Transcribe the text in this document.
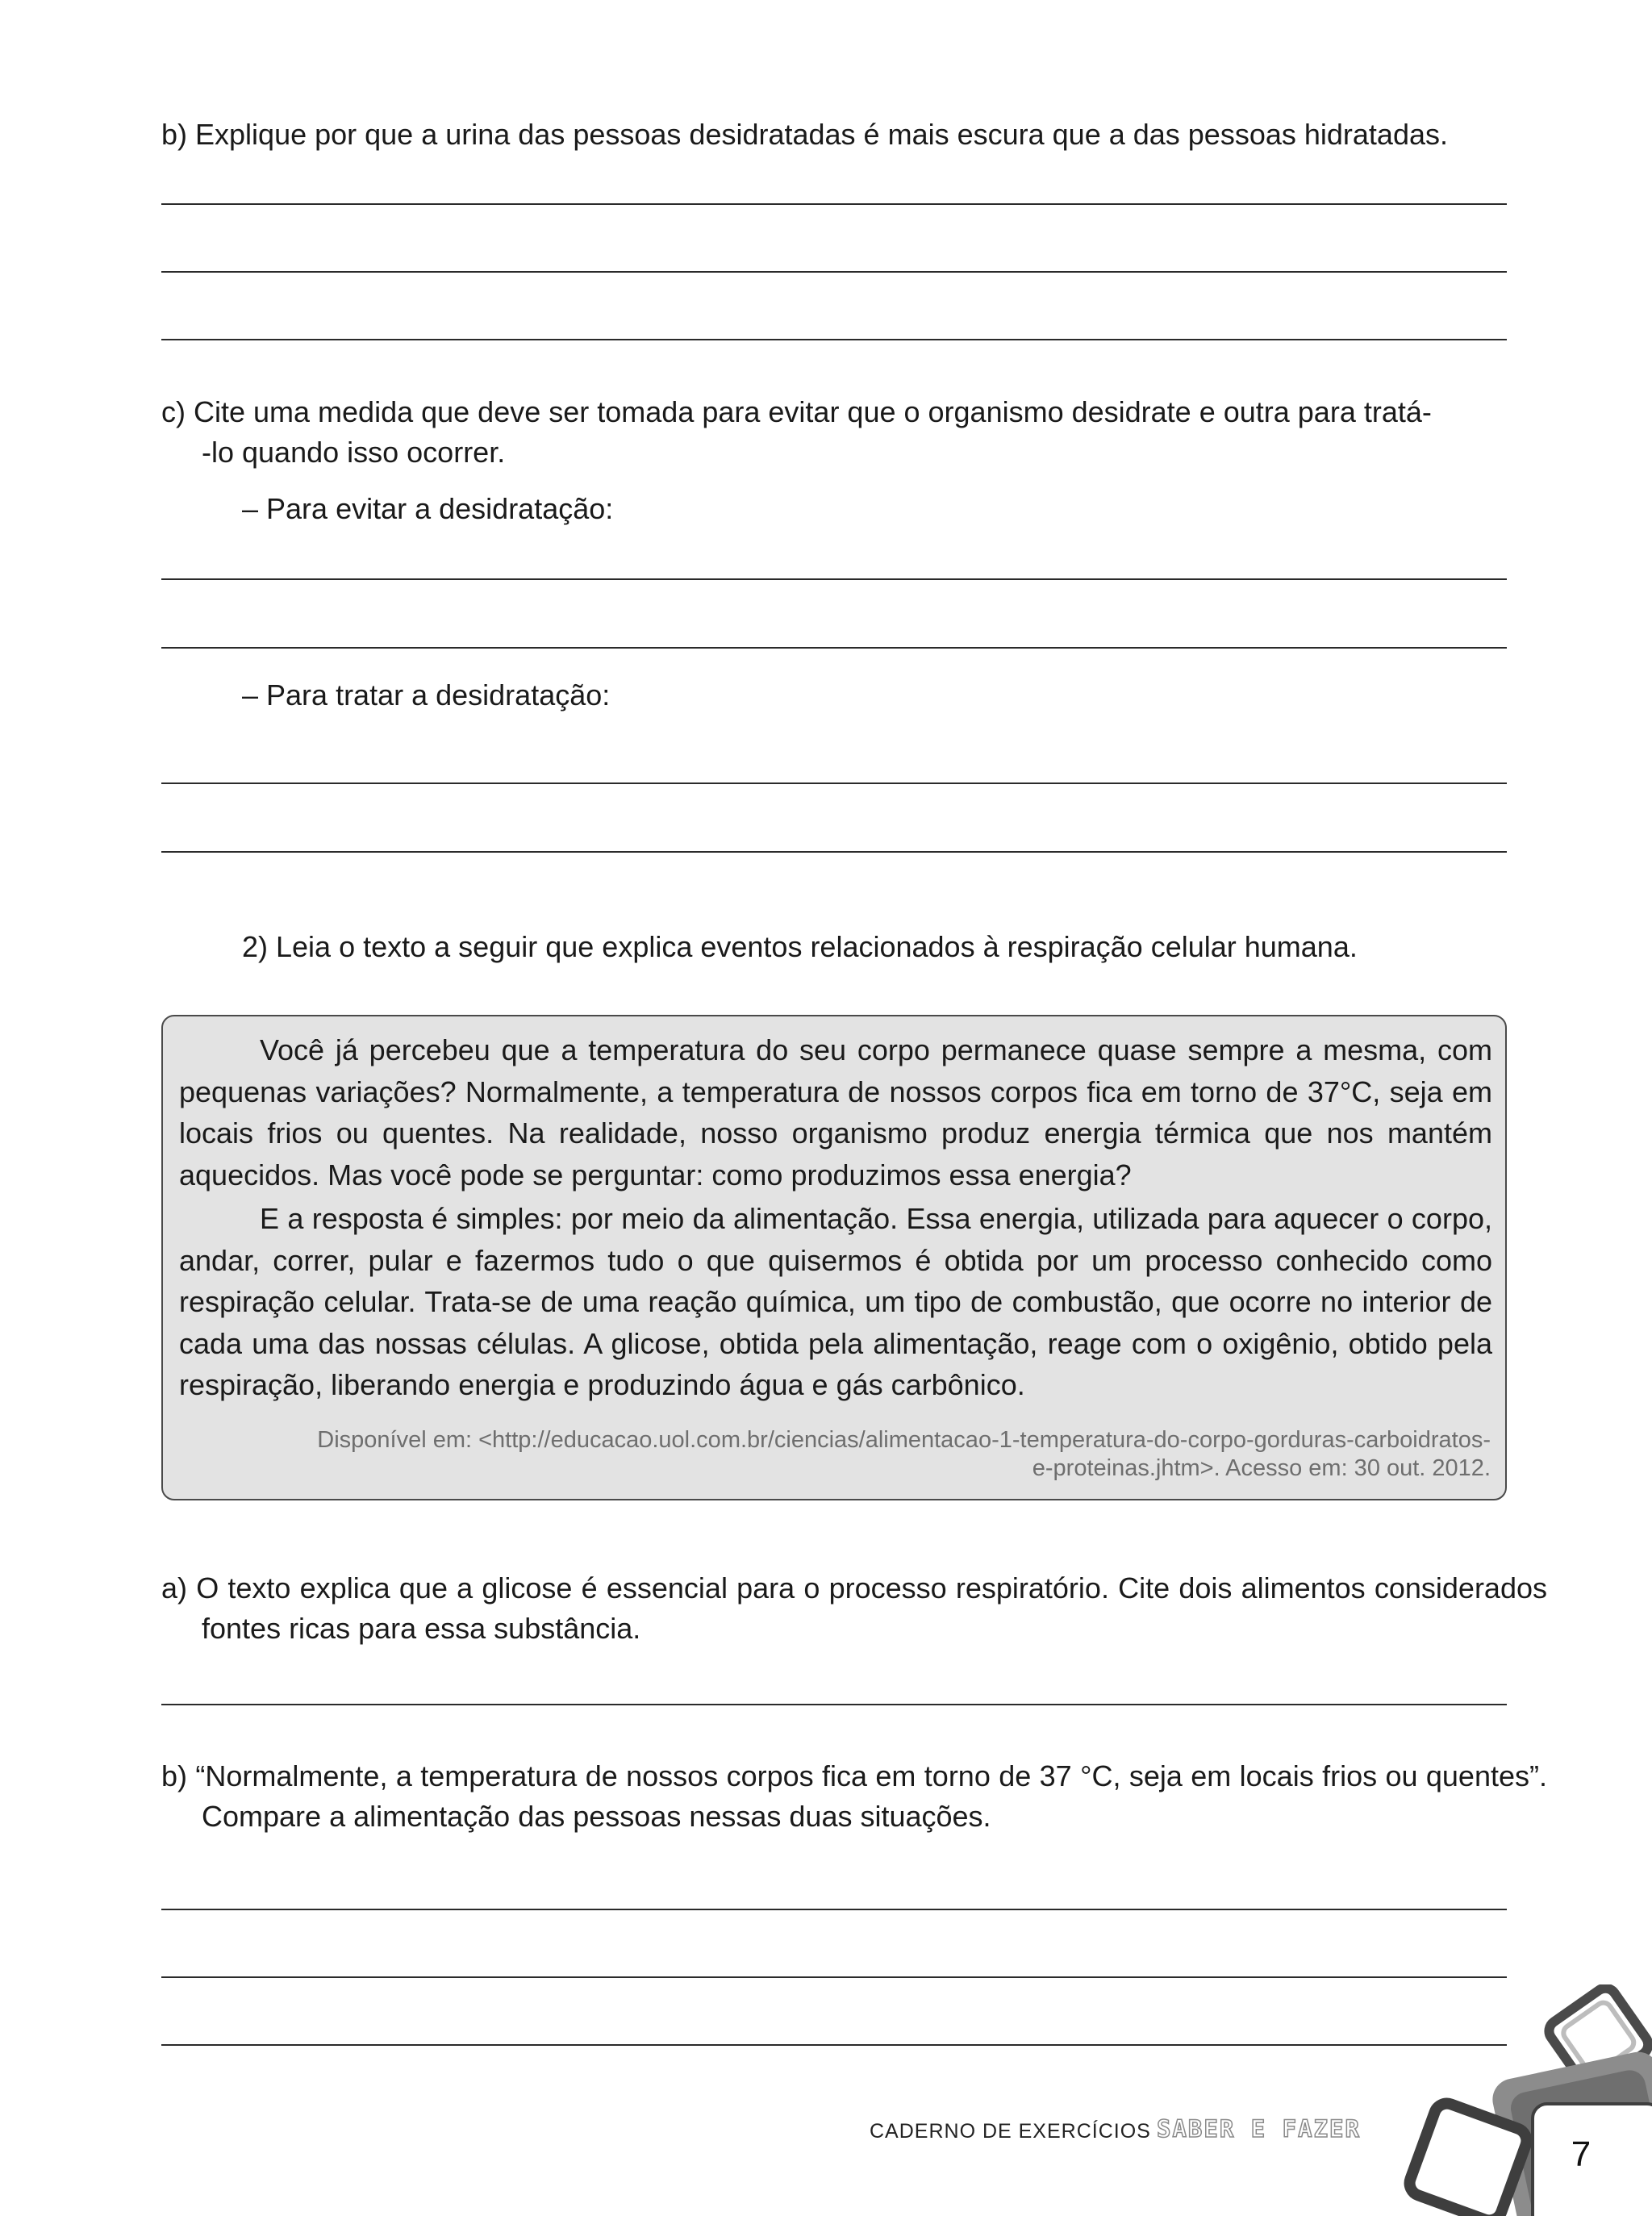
b) Explique por que a urina das pessoas desidratadas é mais escura que a das pessoas hidratadas.
c) Cite uma medida que deve ser tomada para evitar que o organismo desidrate e outra para tratá-
-lo quando isso ocorrer.
– Para evitar a desidratação:
– Para tratar a desidratação:
2) Leia o texto a seguir que explica eventos relacionados à respiração celular humana.
Você já percebeu que a temperatura do seu corpo permanece quase sempre a mesma, com pequenas variações? Normalmente, a temperatura de nossos corpos fica em torno de 37°C, seja em locais frios ou quentes. Na realidade, nosso organismo produz energia térmica que nos mantém aquecidos. Mas você pode se perguntar: como produzimos essa energia?
E a resposta é simples: por meio da alimentação. Essa energia, utilizada para aquecer o corpo, andar, correr, pular e fazermos tudo o que quisermos é obtida por um processo conhecido como respiração celular. Trata-se de uma reação química, um tipo de combustão, que ocorre no interior de cada uma das nossas células. A glicose, obtida pela alimentação, reage com o oxigênio, obtido pela respiração, liberando energia e produzindo água e gás carbônico.
Disponível em: <http://educacao.uol.com.br/ciencias/alimentacao-1-temperatura-do-corpo-gorduras-carboidratos-
e-proteinas.jhtm>. Acesso em: 30 out. 2012.
a) O texto explica que a glicose é essencial para o processo respiratório. Cite dois alimentos considerados fontes ricas para essa substância.
b) “Normalmente, a temperatura de nossos corpos fica em torno de 37 °C, seja em locais frios ou quentes”. Compare a alimentação das pessoas nessas duas situações.
CADERNO DE EXERCÍCIOS SABER E FAZER
7
